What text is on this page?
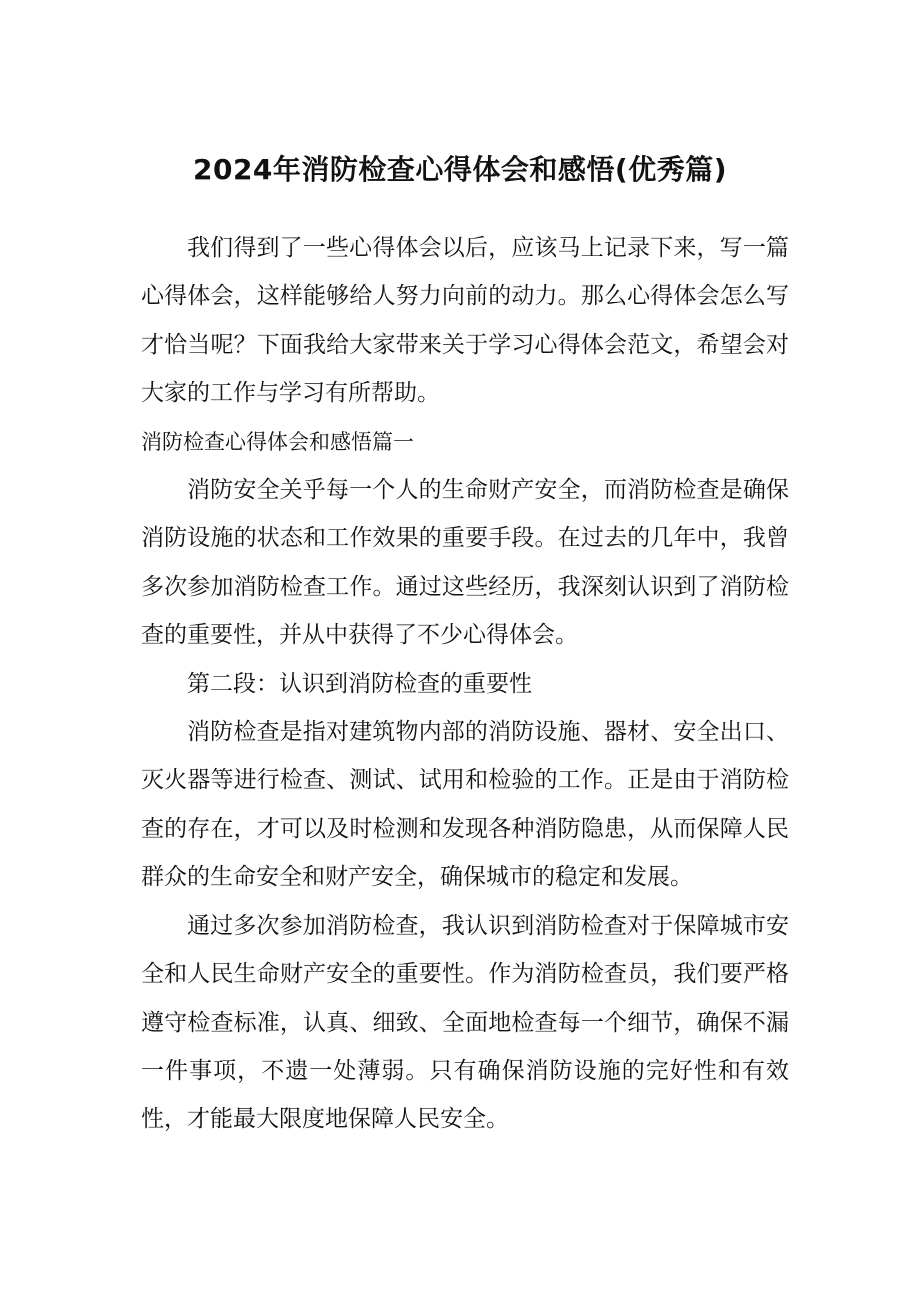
2024年消防检查心得体会和感悟(优秀篇)

我们得到了一些心得体会以后，应该马上记录下来，写一篇心得体会，这样能够给人努力向前的动力。那么心得体会怎么写才恰当呢？下面我给大家带来关于学习心得体会范文，希望会对大家的工作与学习有所帮助。

消防检查心得体会和感悟篇一

消防安全关乎每一个人的生命财产安全，而消防检查是确保消防设施的状态和工作效果的重要手段。在过去的几年中，我曾多次参加消防检查工作。通过这些经历，我深刻认识到了消防检查的重要性，并从中获得了不少心得体会。

第二段：认识到消防检查的重要性

消防检查是指对建筑物内部的消防设施、器材、安全出口、灭火器等进行检查、测试、试用和检验的工作。正是由于消防检查的存在，才可以及时检测和发现各种消防隐患，从而保障人民群众的生命安全和财产安全，确保城市的稳定和发展。

通过多次参加消防检查，我认识到消防检查对于保障城市安全和人民生命财产安全的重要性。作为消防检查员，我们要严格遵守检查标准，认真、细致、全面地检查每一个细节，确保不漏一件事项，不遗一处薄弱。只有确保消防设施的完好性和有效性，才能最大限度地保障人民安全。
